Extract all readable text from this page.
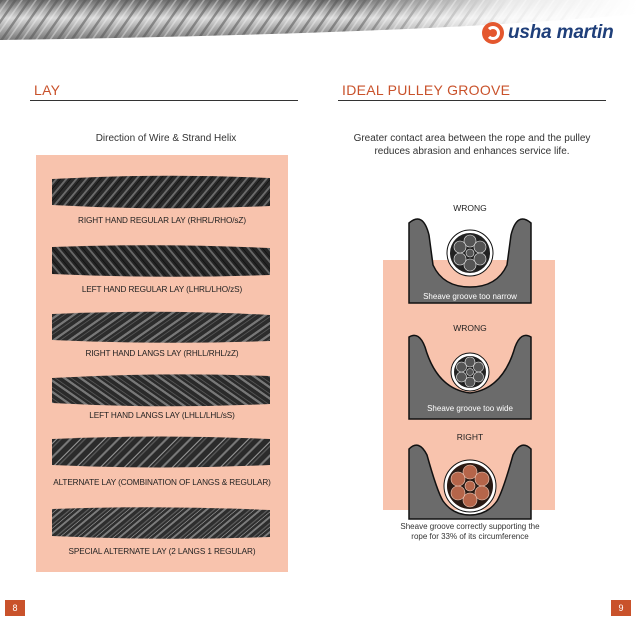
usha martin
LAY
Direction of Wire & Strand Helix
RIGHT HAND REGULAR LAY (RHRL/RHO/sZ)
LEFT HAND REGULAR LAY (LHRL/LHO/zS)
RIGHT HAND LANGS LAY (RHLL/RHL/zZ)
LEFT HAND LANGS LAY (LHLL/LHL/sS)
ALTERNATE LAY (COMBINATION OF LANGS & REGULAR)
SPECIAL ALTERNATE LAY (2 LANGS 1 REGULAR)
IDEAL PULLEY GROOVE
Greater contact area between the rope and the pulley reduces abrasion and enhances service life.
WRONG
Sheave groove too narrow
WRONG
Sheave groove too wide
RIGHT
Sheave groove correctly supporting the rope for 33% of its circumference
8	9
